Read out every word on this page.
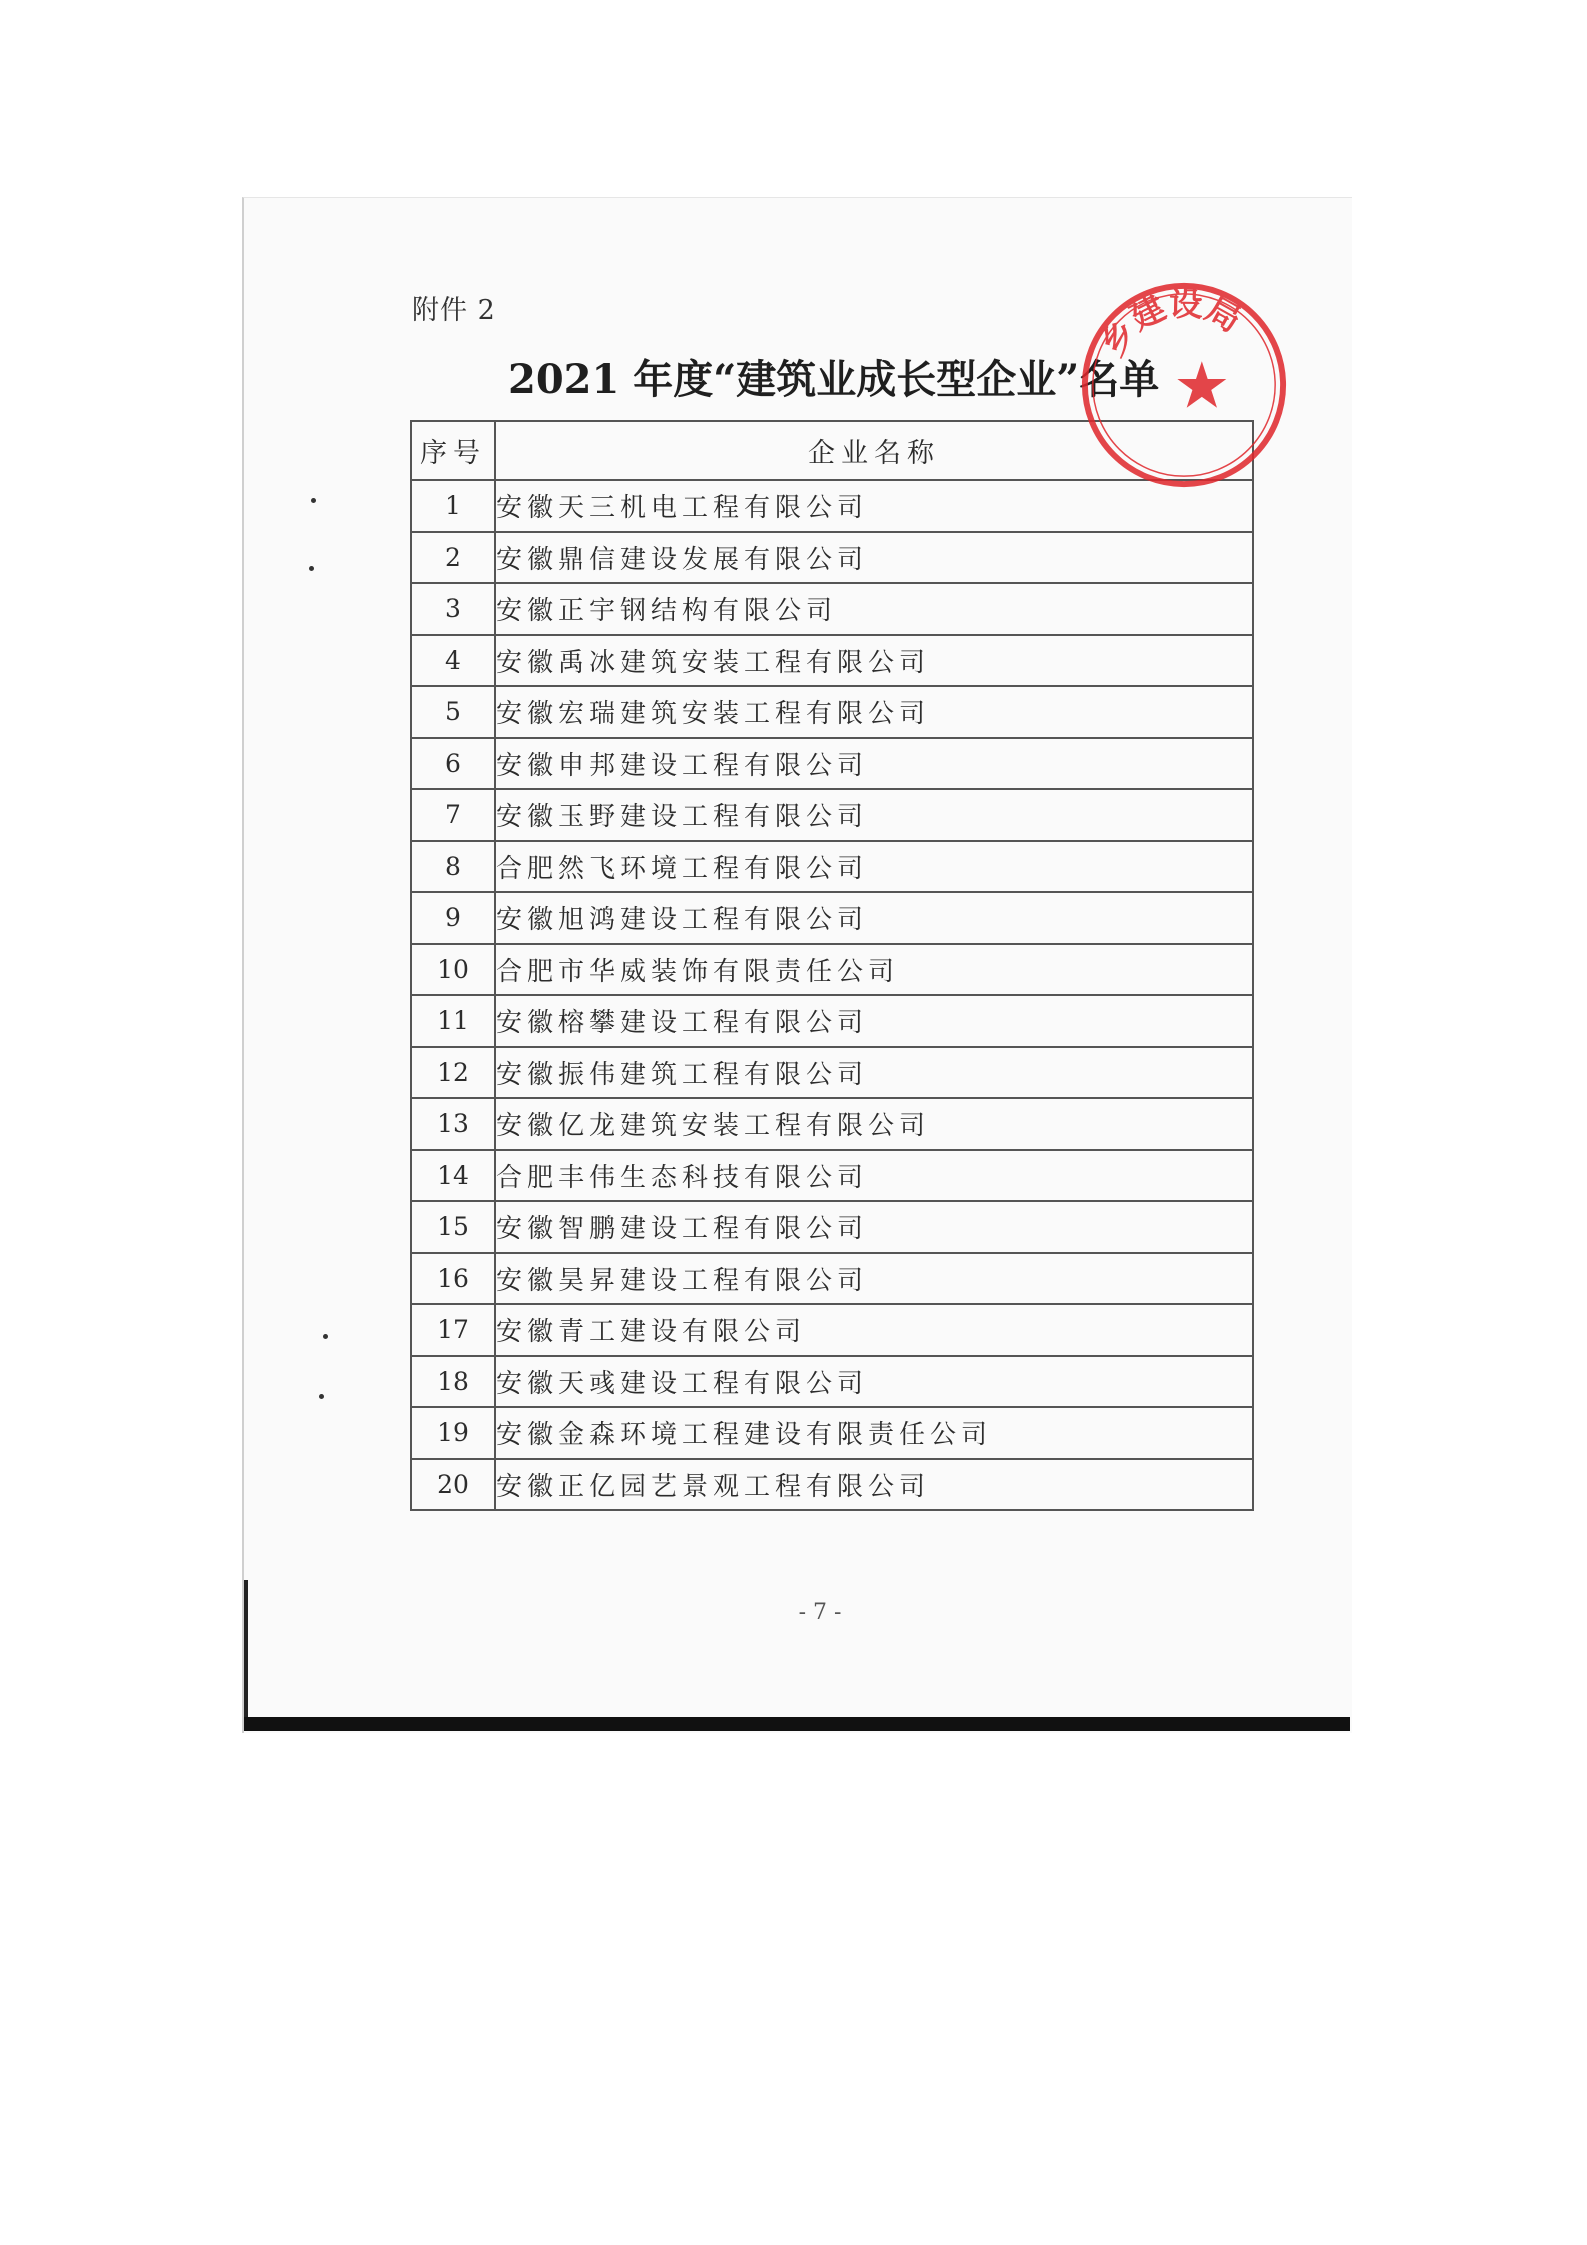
附件 2
2021 年度“建筑业成长型企业”名单
序号	企业名称
1	安徽天三机电工程有限公司
2	安徽鼎信建设发展有限公司
3	安徽正宇钢结构有限公司
4	安徽禹冰建筑安装工程有限公司
5	安徽宏瑞建筑安装工程有限公司
6	安徽申邦建设工程有限公司
7	安徽玉野建设工程有限公司
8	合肥然飞环境工程有限公司
9	安徽旭鸿建设工程有限公司
10	合肥市华威装饰有限责任公司
11	安徽榕攀建设工程有限公司
12	安徽振伟建筑工程有限公司
13	安徽亿龙建筑安装工程有限公司
14	合肥丰伟生态科技有限公司
15	安徽智鹏建设工程有限公司
16	安徽昊昇建设工程有限公司
17	安徽青工建设有限公司
18	安徽天彧建设工程有限公司
19	安徽金森环境工程建设有限责任公司
20	安徽正亿园艺景观工程有限公司
- 7 -
乡建设局
